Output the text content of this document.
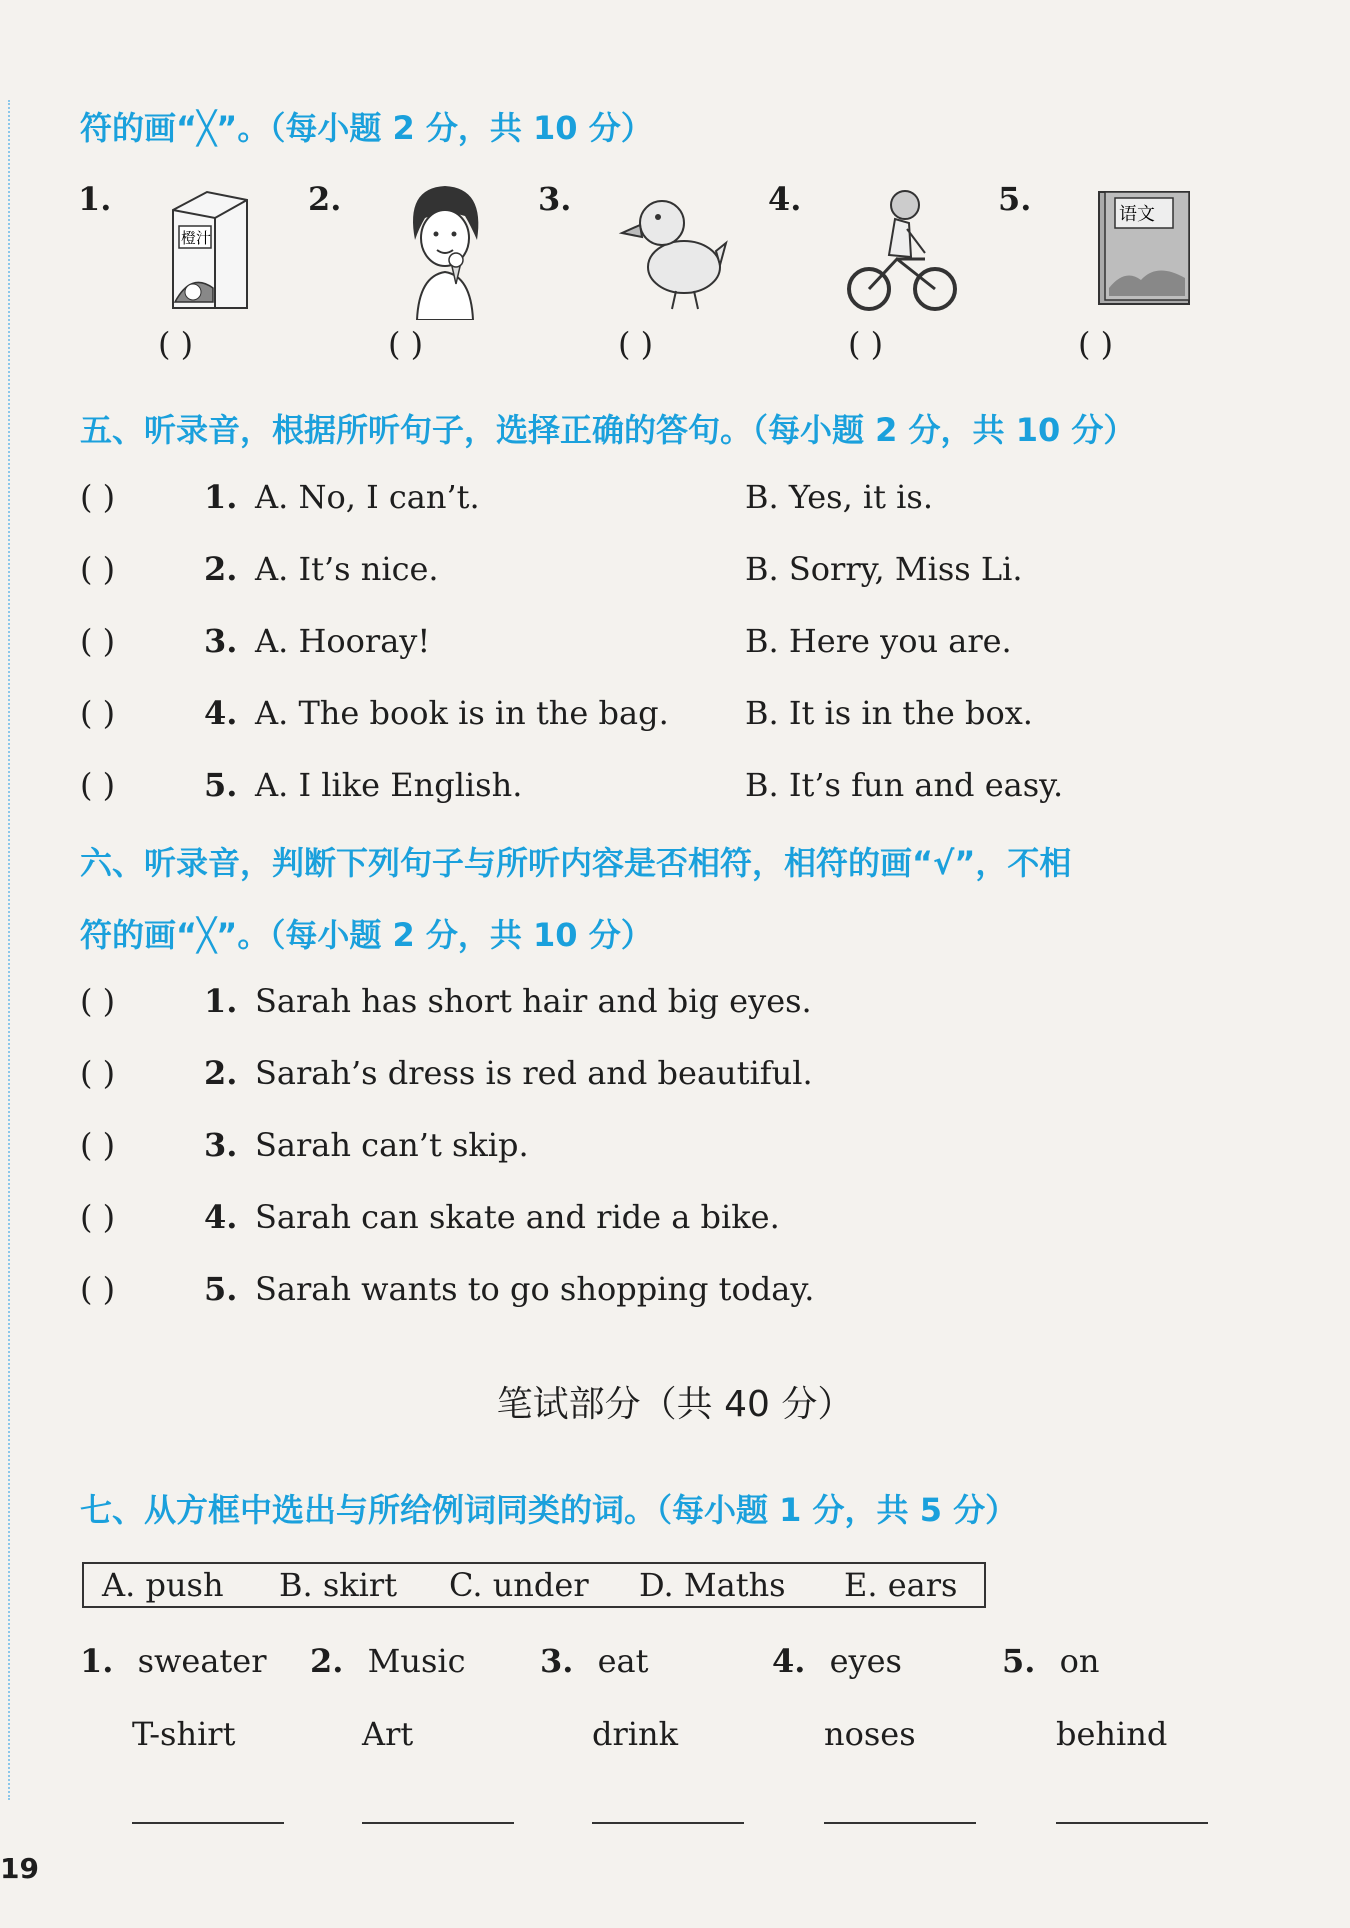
符的画“╳”。（每小题 2 分，共 10 分）
1.
橙汁
( )
2.
( )
3.
( )
4.
( )
5.	语文
( )
五、听录音，根据所听句子，选择正确的答句。（每小题 2 分，共 10 分）
( )	1. A. No, I can’t.	B. Yes, it is.
( )	2. A. It’s nice.	B. Sorry, Miss Li.
( )	3. A. Hooray!	B. Here you are.
( )	4. A. The book is in the bag. B. It is in the box.
( )	5. A. I like English.	B. It’s fun and easy.
六、听录音，判断下列句子与所听内容是否相符，相符的画“√”，不相
符的画“╳”。（每小题 2 分，共 10 分）
( )	1. Sarah has short hair and big eyes.
( )	2. Sarah’s dress is red and beautiful.
( )	3. Sarah can’t skip.
( )	4. Sarah can skate and ride a bike.
( )	5. Sarah wants to go shopping today.
笔试部分（共 40 分）
七、从方框中选出与所给例词同类的词。（每小题 1 分，共 5 分）
A. push B. skirt C. under D. Maths E. ears
1. sweater
T-shirt
2. Music
Art
3. eat
drink
4. eyes
noses
5. on
behind
19
